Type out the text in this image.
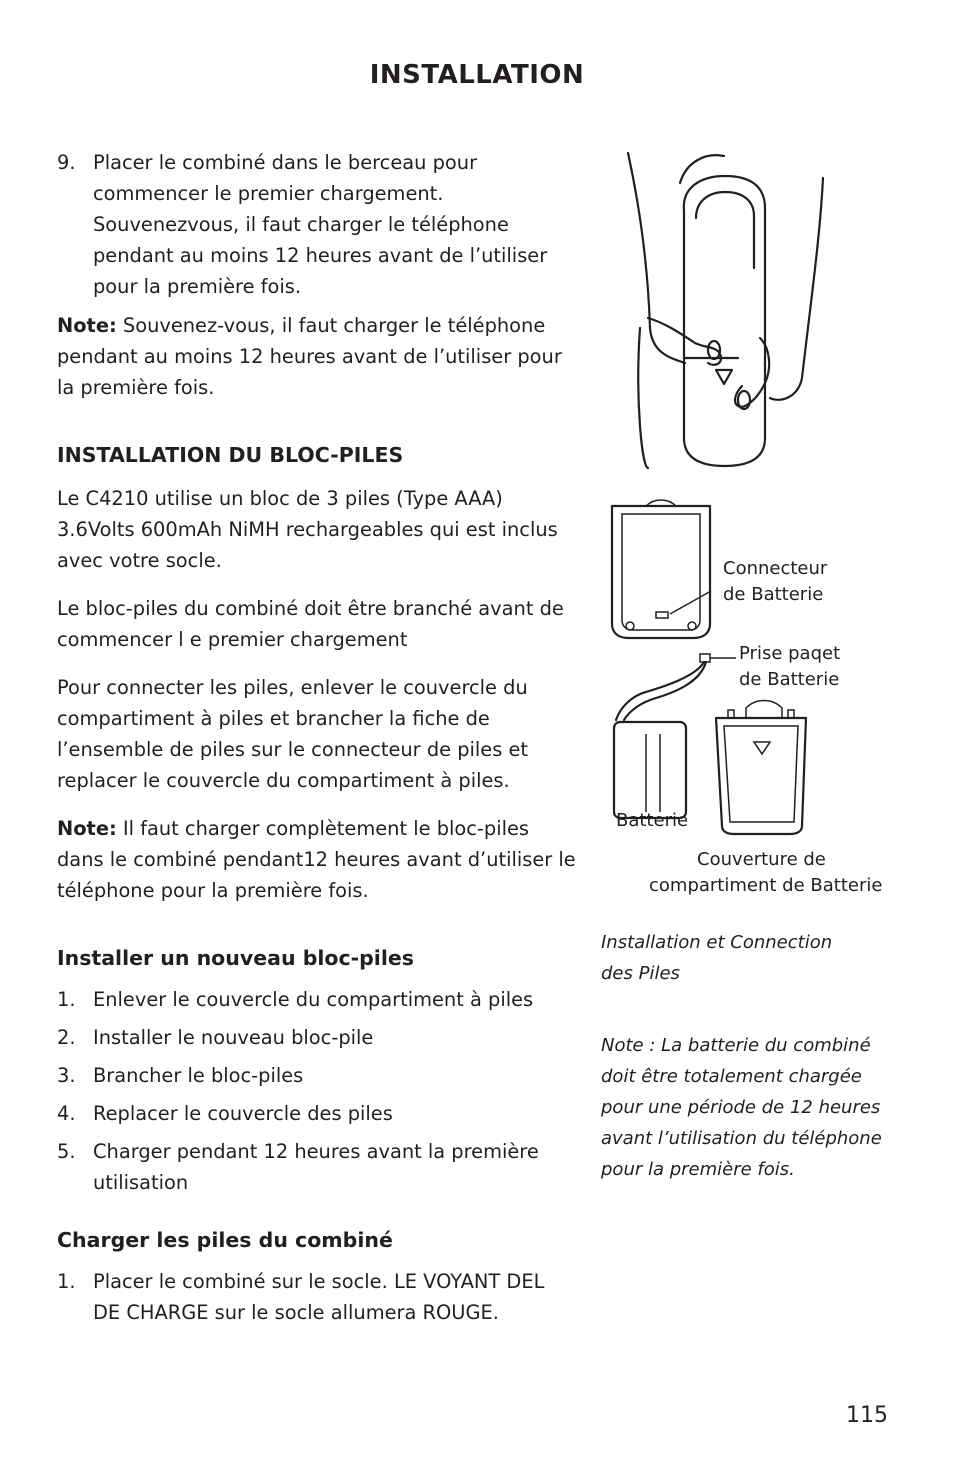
INSTALLATION
9. Placer le combiné dans le berceau pour commencer le premier chargement. Souvenezvous, il faut charger le téléphone pendant au moins 12 heures avant de l’utiliser pour la première fois.

Note: Souvenez-vous, il faut charger le téléphone pendant au moins 12 heures avant de l’utiliser pour la première fois.

INSTALLATION DU BLOC-PILES

Le C4210 utilise un bloc de 3 piles (Type AAA) 3.6Volts 600mAh NiMH rechargeables qui est inclus avec votre socle.

Le bloc-piles du combiné doit être branché avant de commencer l e premier chargement

Pour connecter les piles, enlever le couvercle du compartiment à piles et brancher la fiche de l’ensemble de piles sur le connecteur de piles et replacer le couvercle du compartiment à piles.

Note: Il faut charger complètement le bloc-piles dans le combiné pendant12 heures avant d’utiliser le téléphone pour la première fois.

Installer un nouveau bloc-piles
1. Enlever le couvercle du compartiment à piles
2. Installer le nouveau bloc-pile
3. Brancher le bloc-piles
4. Replacer le couvercle des piles
5. Charger pendant 12 heures avant la première utilisation
Charger les piles du combiné
1. Placer le combiné sur le socle. LE VOYANT DEL DE CHARGE sur le socle allumera ROUGE.
Connecteur
de Batterie
Prise paqet
de Batterie
Batterie
Couverture de
compartiment de Batterie
Installation et Connection
des Piles
Note : La batterie du combiné doit être totalement chargée pour une période de 12 heures avant l’utilisation du téléphone pour la première fois.
115
